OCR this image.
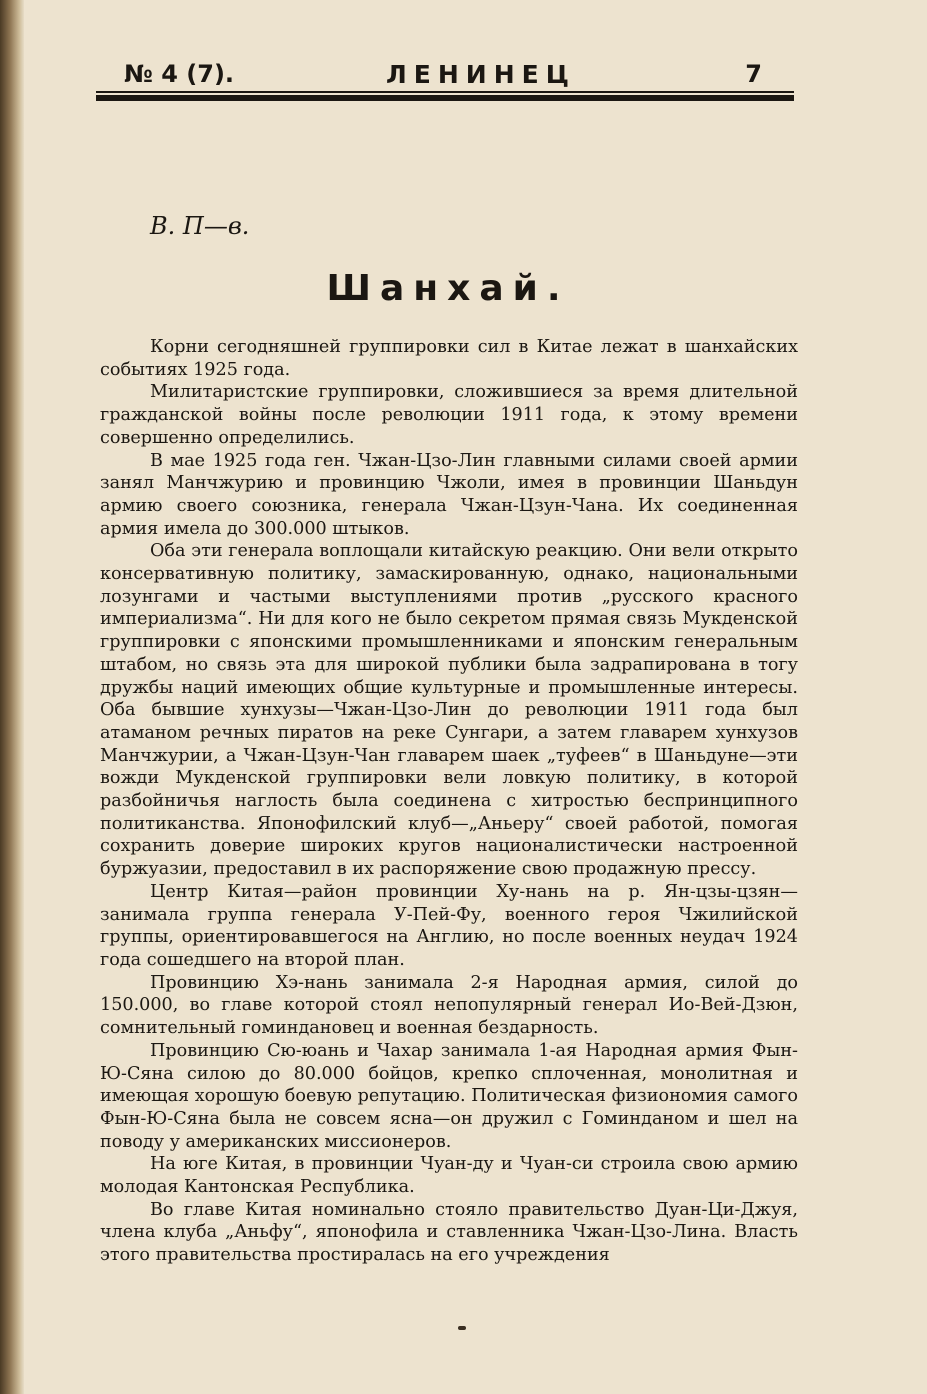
№ 4 (7).	ЛЕНИНЕЦ	7
В. П—в.
Шанхай.

Корни сегодняшней группировки сил в Китае лежат в шанхайских событиях 1925 года.

Милитаристские группировки, сложившиеся за время длительной гражданской войны после революции 1911 года, к этому времени совершенно определились.

В мае 1925 года ген. Чжан-Цзо-Лин главными силами своей армии занял Манчжурию и провинцию Чжоли, имея в провинции Шаньдун армию своего союзника, генерала Чжан-Цзун-Чана. Их соединенная армия имела до 300.000 штыков.

Оба эти генерала воплощали китайскую реакцию. Они вели открыто консервативную политику, замаскированную, однако, национальными лозунгами и частыми выступлениями против „русского красного империализма“. Ни для кого не было секретом прямая связь Мукденской группировки с японскими промышленниками и японским генеральным штабом, но связь эта для широкой публики была задрапирована в тогу дружбы наций имеющих общие культурные и промышленные интересы. Оба бывшие хунхузы—Чжан-Цзо-Лин до революции 1911 года был атаманом речных пиратов на реке Сунгари, а затем главарем хунхузов Манчжурии, а Чжан-Цзун-Чан главарем шаек „туфеев“ в Шаньдуне—эти вожди Мукденской группировки вели ловкую политику, в которой разбойничья наглость была соединена с хитростью беспринципного политиканства. Японофилский клуб—„Аньеру“ своей работой, помогая сохранить доверие широких кругов националистически настроенной буржуазии, предоставил в их распоряжение свою продажную прессу.

Центр Китая—район провинции Ху-нань на р. Ян-цзы-цзян—занимала группа генерала У-Пей-Фу, военного героя Чжилийской группы, ориентировавшегося на Англию, но после военных неудач 1924 года сошедшего на второй план.

Провинцию Хэ-нань занимала 2-я Народная армия, силой до 150.000, во главе которой стоял непопулярный генерал Ио-Вей-Дзюн, сомнительный гоминдановец и военная бездарность.

Провинцию Сю-юань и Чахар занимала 1-ая Народная армия Фын-Ю-Сяна силою до 80.000 бойцов, крепко сплоченная, монолитная и имеющая хорошую боевую репутацию. Политическая физиономия самого Фын-Ю-Сяна была не совсем ясна—он дружил с Гоминданом и шел на поводу у американских миссионеров.

На юге Китая, в провинции Чуан-ду и Чуан-си строила свою армию молодая Кантонская Республика.

Во главе Китая номинально стояло правительство Дуан-Ци-Джуя, члена клуба „Аньфу“, японофила и ставленника Чжан-Цзо-Лина. Власть этого правительства простиралась на его учреждения
